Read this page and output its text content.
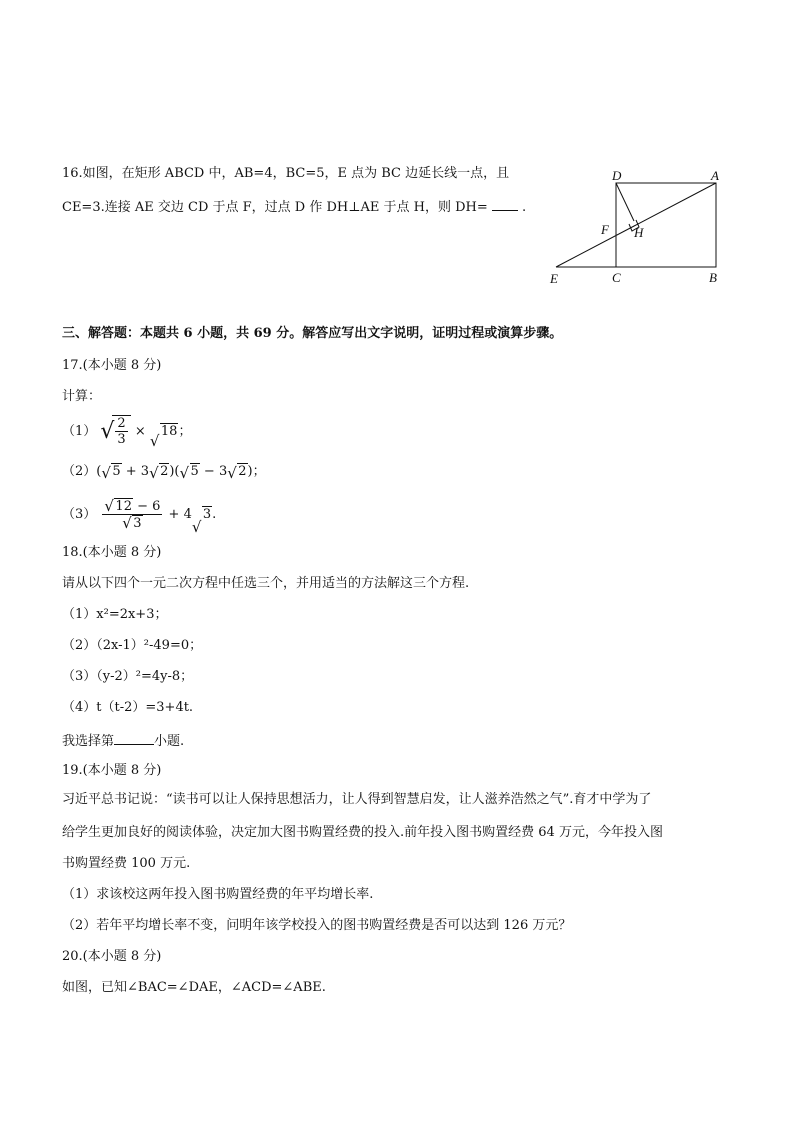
16.如图，在矩形 ABCD 中，AB=4，BC=5，E 点为 BC 边延长线一点，且
CE=3.连接 AE 交边 CD 于点 F，过点 D 作 DH⊥AE 于点 H，则 DH=  .
D	A
F H
E	C	B
三、解答题：本题共 6 小题，共 69 分。解答应写出文字说明，证明过程或演算步骤。
17.(本小题 8 分)
计算：
（1） √ $\frac{2}{3}$ ×
√
18；
（2）( √ 5 + 3 √ 2)( √ 5 − 3 √ 2)；
$(3) \frac{√ 12 - 6}{√ 3} + 4$
√
3.
18.(本小题 8 分)
请从以下四个一元二次方程中任选三个，并用适当的方法解这三个方程.
（1）x²=2x+3；
（2）（2x-1）²-49=0；
（3）（y-2）²=4y-8；
（4）t（t-2）=3+4t.
我选择第	小题.
19.(本小题 8 分)
习近平总书记说：“读书可以让人保持思想活力，让人得到智慧启发，让人滋养浩然之气”.育才中学为了
给学生更加良好的阅读体验，决定加大图书购置经费的投入.前年投入图书购置经费 64 万元，今年投入图
书购置经费 100 万元.
（1）求该校这两年投入图书购置经费的年平均增长率.
（2）若年平均增长率不变，问明年该学校投入的图书购置经费是否可以达到 126 万元？
20.(本小题 8 分)
如图，已知∠BAC=∠DAE，∠ACD=∠ABE.
